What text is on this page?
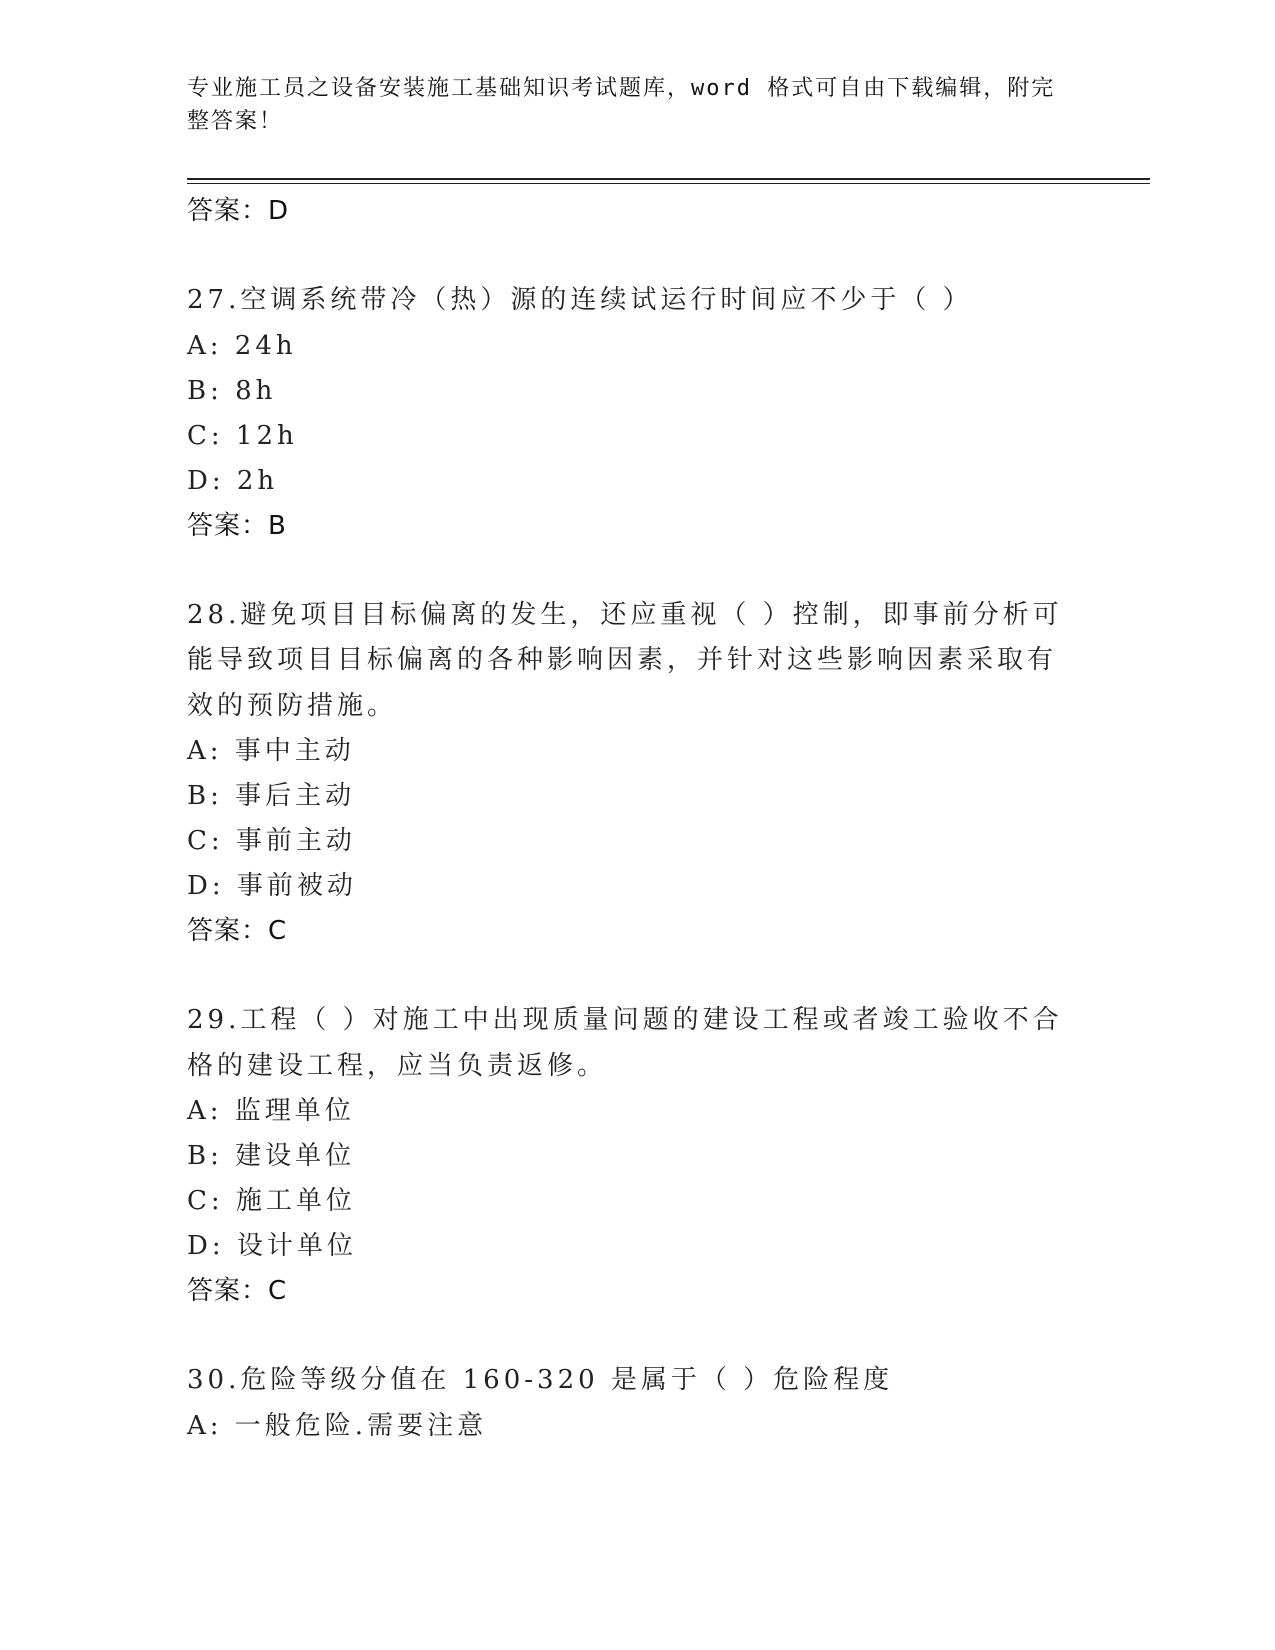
专业施工员之设备安装施工基础知识考试题库，word 格式可自由下载编辑，附完整答案！

答案：D

27.空调系统带冷（热）源的连续试运行时间应不少于（ ）

A: 24h

B: 8h

C: 12h

D: 2h

答案：B

28.避免项目目标偏离的发生，还应重视（ ）控制，即事前分析可能导致项目目标偏离的各种影响因素，并针对这些影响因素采取有效的预防措施。

A: 事中主动

B: 事后主动

C: 事前主动

D: 事前被动

答案：C

29.工程（ ）对施工中出现质量问题的建设工程或者竣工验收不合格的建设工程，应当负责返修。

A: 监理单位

B: 建设单位

C: 施工单位

D: 设计单位

答案：C

30.危险等级分值在 160-320 是属于（ ）危险程度

A: 一般危险.需要注意
